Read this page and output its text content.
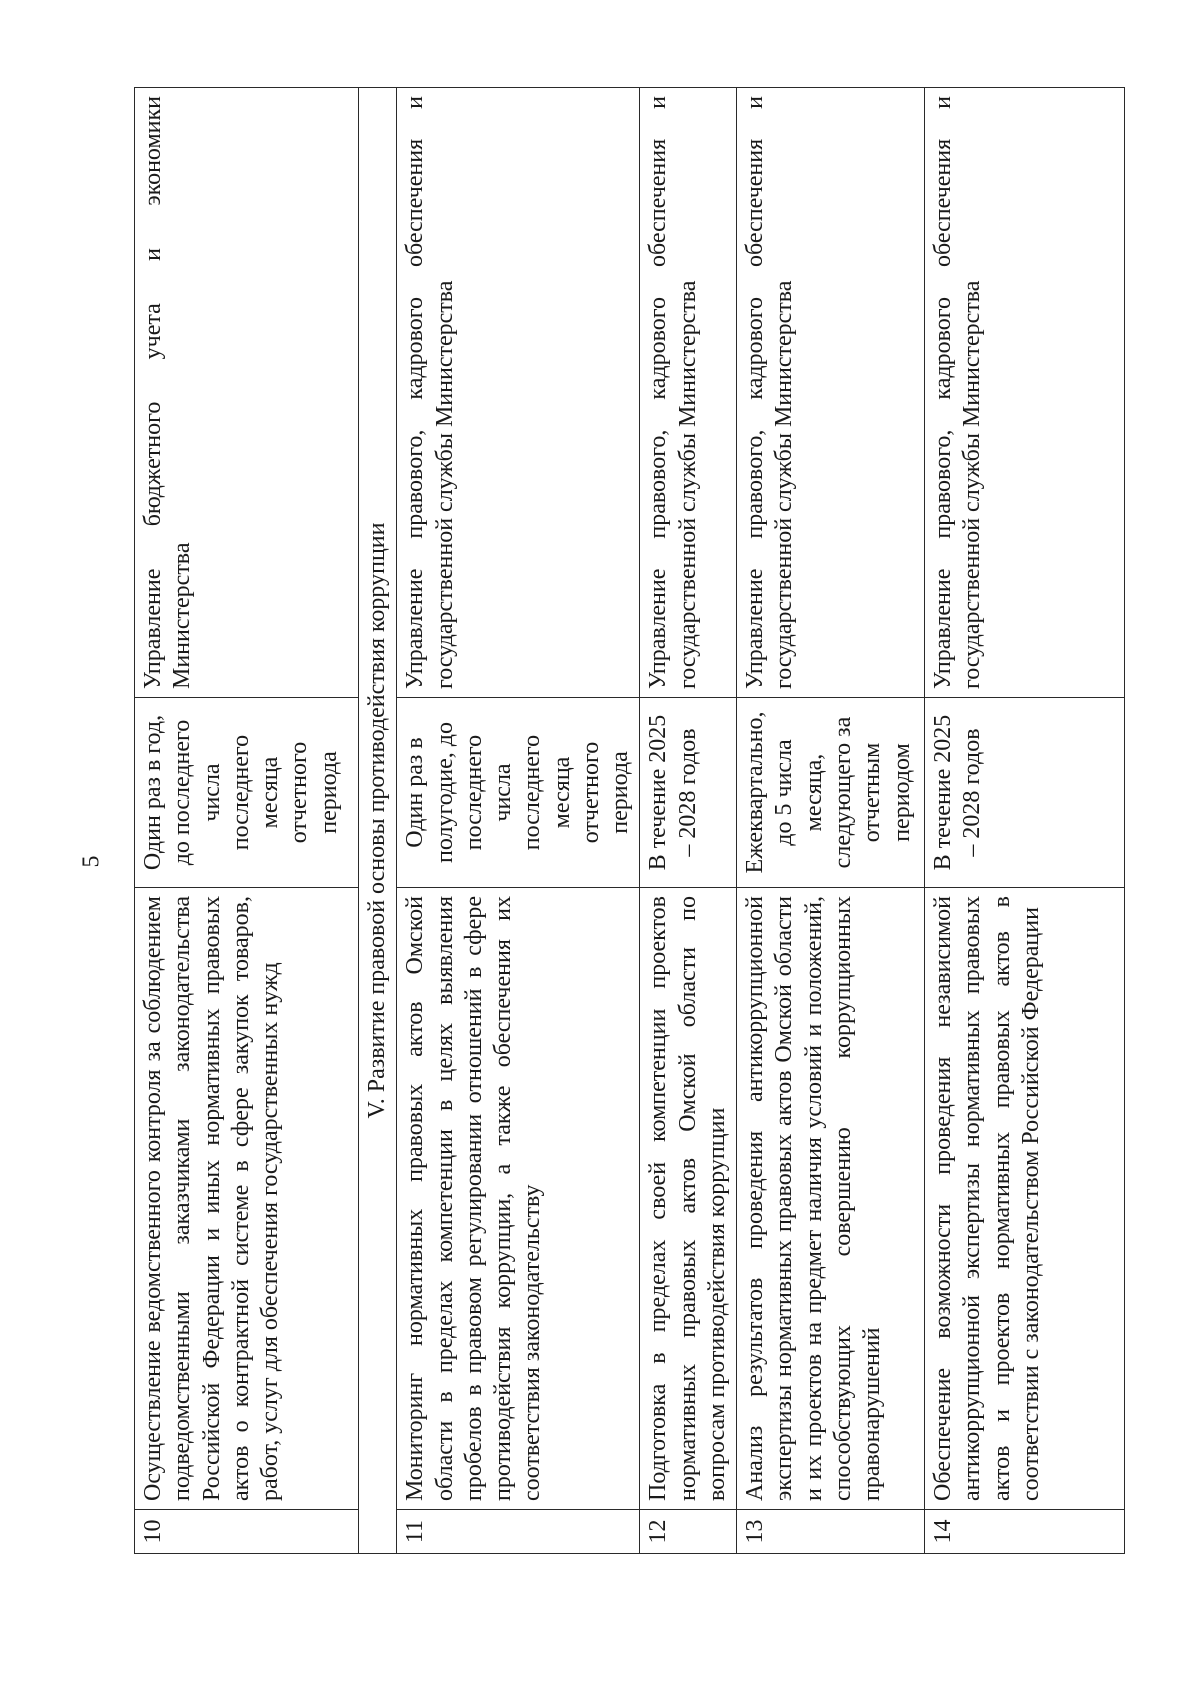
5
10	Осуществление ведомственного контроля за соблюдением подведомственными заказчиками законодательства Российской Федерации и иных нормативных правовых актов о контрактной системе в сфере закупок товаров, работ, услуг для обеспечения государственных нужд	Один раз в год, до последнего числа последнего месяца отчетного периода	Управление бюджетного учета и экономики Министерства
V. Развитие правовой основы противодействия коррупции			
11	Мониторинг нормативных правовых актов Омской области в пределах компетенции в целях выявления пробелов в правовом регулировании отношений в сфере противодействия коррупции, а также обеспечения их соответствия законодательству	Один раз в полугодие, до последнего числа последнего месяца отчетного периода	Управление правового, кадрового обеспечения и государственной службы Министерства
12	Подготовка в пределах своей компетенции проектов нормативных правовых актов Омской области по вопросам противодействия коррупции	В течение 2025 – 2028 годов	Управление правового, кадрового обеспечения и государственной службы Министерства
13	Анализ результатов проведения антикоррупционной экспертизы нормативных правовых актов Омской области и их проектов на предмет наличия условий и положений, способствующих совершению коррупционных правонарушений	Ежеквартально, до 5 числа месяца, следующего за отчетным периодом	Управление правового, кадрового обеспечения и государственной службы Министерства
14	Обеспечение возможности проведения независимой антикоррупционной экспертизы нормативных правовых актов и проектов нормативных правовых актов в соответствии с законодательством Российской Федерации	В течение 2025 – 2028 годов	Управление правового, кадрового обеспечения и государственной службы Министерства
